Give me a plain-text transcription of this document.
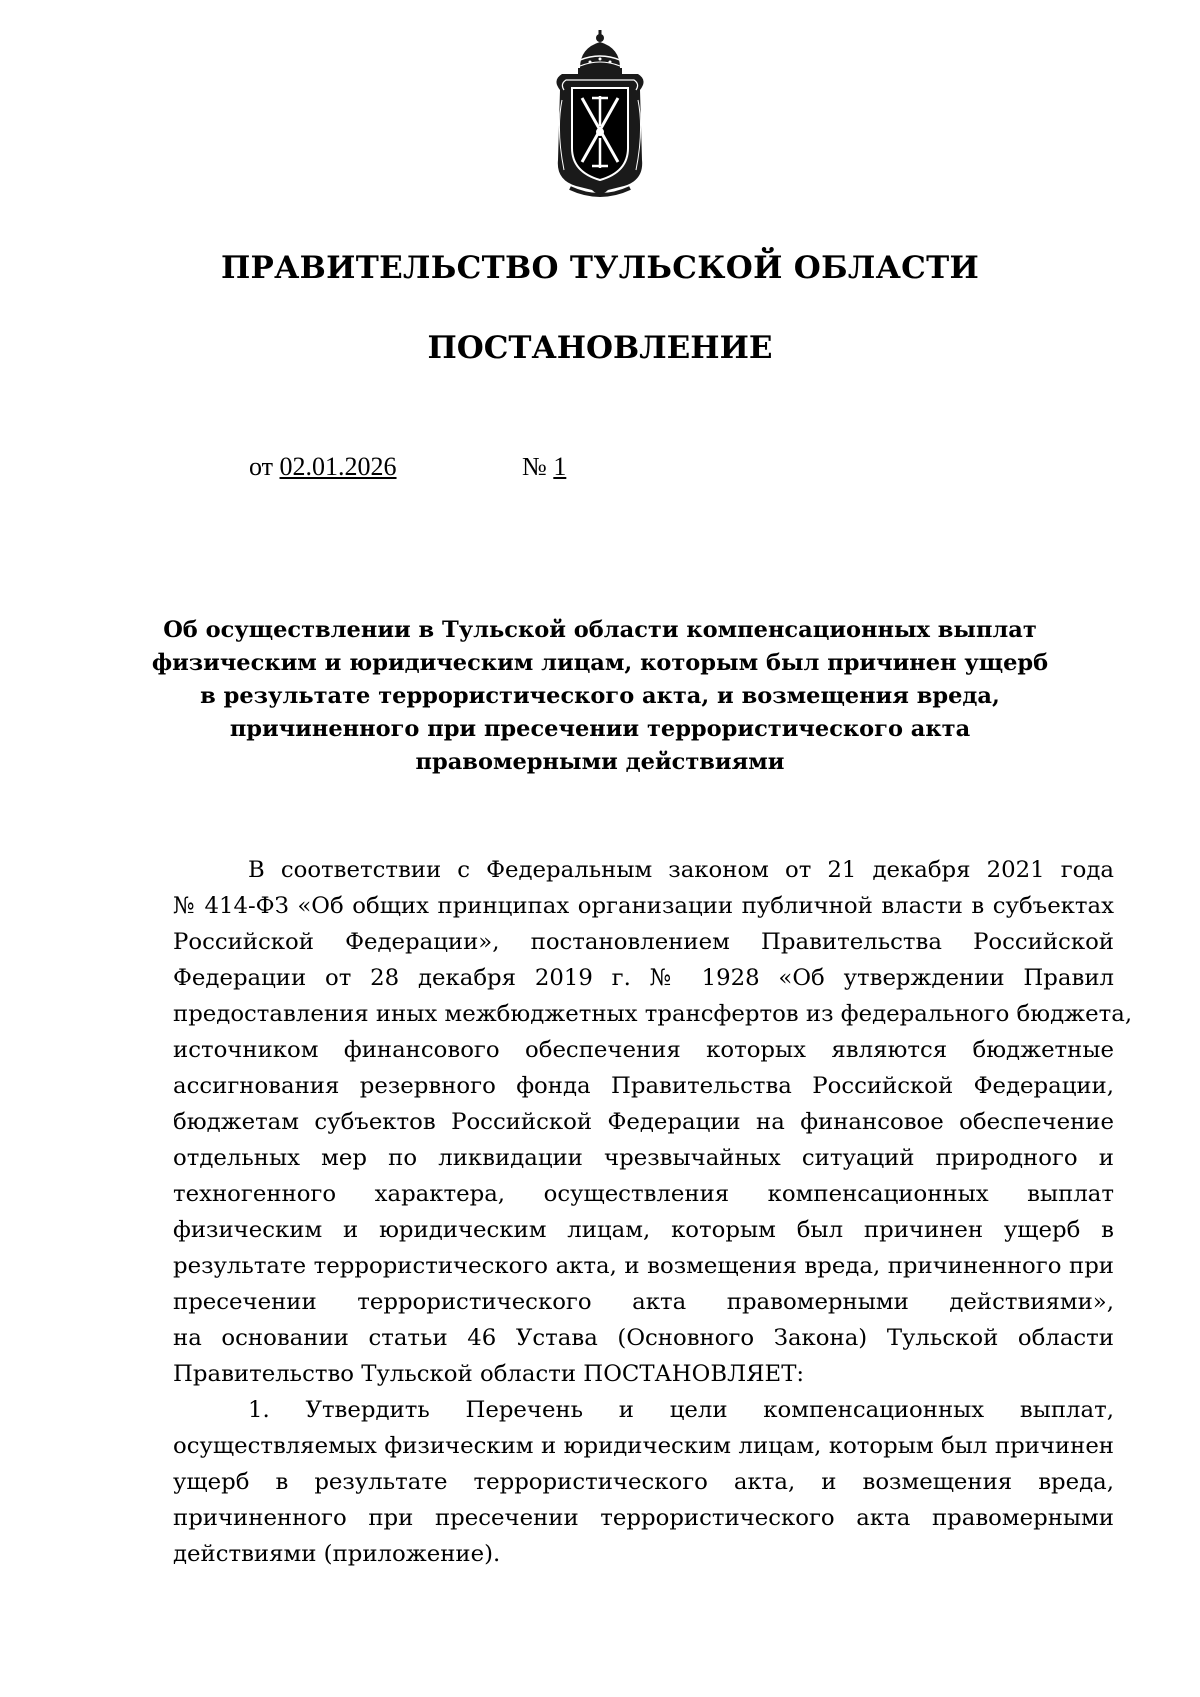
ПРАВИТЕЛЬСТВО ТУЛЬСКОЙ ОБЛАСТИ
ПОСТАНОВЛЕНИЕ
от 02.01.2026	№ 1
Об осуществлении в Тульской области компенсационных выплат
физическим и юридическим лицам, которым был причинен ущерб
в результате террористического акта, и возмещения вреда,
причиненного при пресечении террористического акта
правомерными действиями
В соответствии с Федеральным законом от 21 декабря 2021 года
№ 414-ФЗ «Об общих принципах организации публичной власти в субъектах
Российской Федерации», постановлением Правительства Российской
Федерации от 28 декабря 2019 г. № 1928 «Об утверждении Правил
предоставления иных межбюджетных трансфертов из федерального бюджета,
источником финансового обеспечения которых являются бюджетные
ассигнования резервного фонда Правительства Российской Федерации,
бюджетам субъектов Российской Федерации на финансовое обеспечение
отдельных мер по ликвидации чрезвычайных ситуаций природного и
техногенного характера, осуществления компенсационных выплат
физическим и юридическим лицам, которым был причинен ущерб в
результате террористического акта, и возмещения вреда, причиненного при
пресечении террористического акта правомерными действиями»,
на основании статьи 46 Устава (Основного Закона) Тульской области
Правительство Тульской области ПОСТАНОВЛЯЕТ:
1. Утвердить Перечень и цели компенсационных выплат,
осуществляемых физическим и юридическим лицам, которым был причинен
ущерб в результате террористического акта, и возмещения вреда,
причиненного при пресечении террористического акта правомерными
действиями (приложение).
